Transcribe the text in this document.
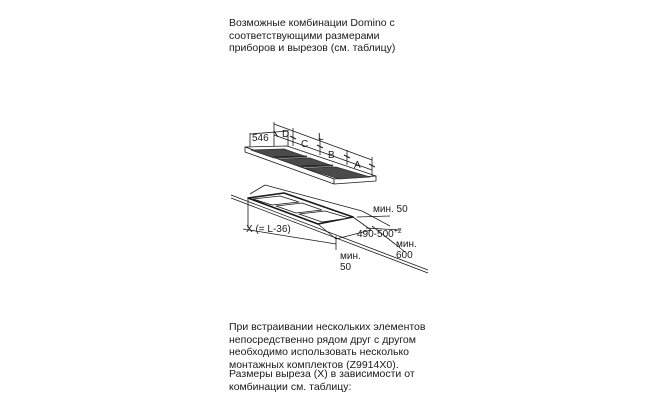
Возможные комбинации Domino с
соответствующими размерами
приборов и вырезов (см. таблицу)
546 D
C
B
A
L
мин. 50
$490-500^{+2}$
мин.
600
X (= L-36)
мин.
50
При встраивании нескольких элементов
непосредственно рядом друг с другом
необходимо использовать несколько
монтажных комплектов (Z9914X0).
Размеры выреза (X) в зависимости от
комбинации см. таблицу:
